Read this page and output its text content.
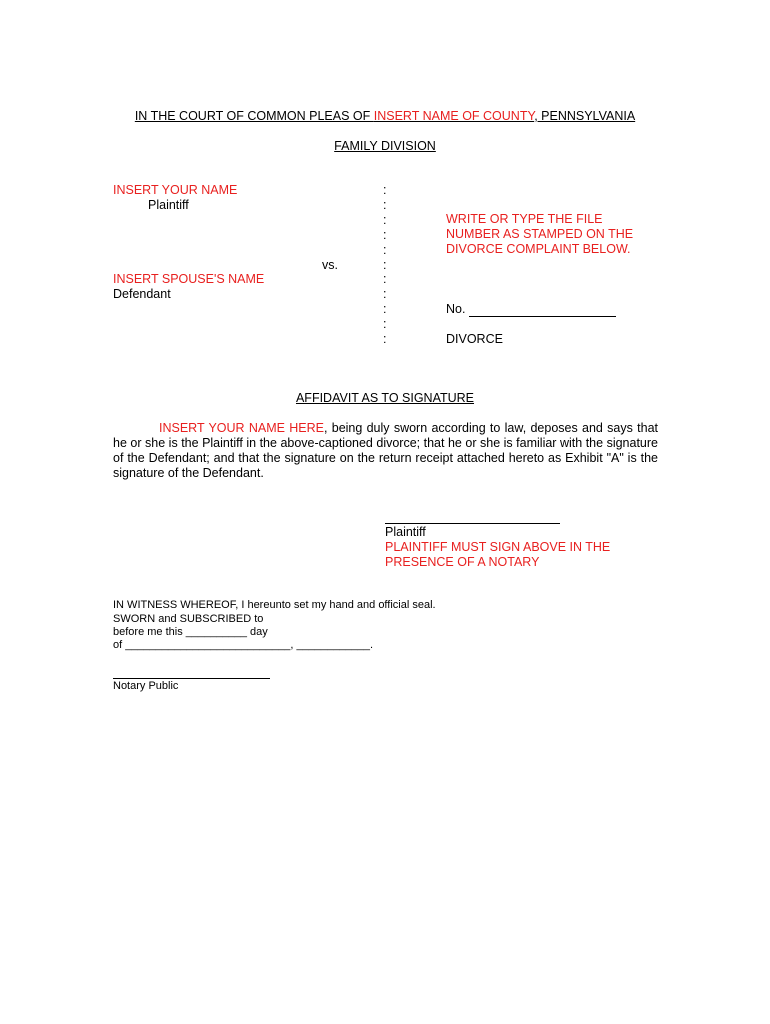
IN THE COURT OF COMMON PLEAS OF INSERT NAME OF COUNTY, PENNSYLVANIA
FAMILY DIVISION
INSERT YOUR NAME
Plaintiff
vs.
INSERT SPOUSE'S NAME
Defendant
:
:
:
:
:
:
:
:
:
:
:
WRITE OR TYPE THE FILE
NUMBER AS STAMPED ON THE
DIVORCE COMPLAINT BELOW.
No.
DIVORCE
AFFIDAVIT AS TO SIGNATURE
INSERT YOUR NAME HERE, being duly sworn according to law, deposes and says that he or she is the Plaintiff in the above-captioned divorce; that he or she is familiar with the signature of the Defendant; and that the signature on the return receipt attached hereto as Exhibit "A" is the signature of the Defendant.
Plaintiff
PLAINTIFF MUST SIGN ABOVE IN THE
PRESENCE OF A NOTARY
IN WITNESS WHEREOF, I hereunto set my hand and official seal.
SWORN and SUBSCRIBED to
before me this __________ day
of ___________________________, ____________.
Notary Public
